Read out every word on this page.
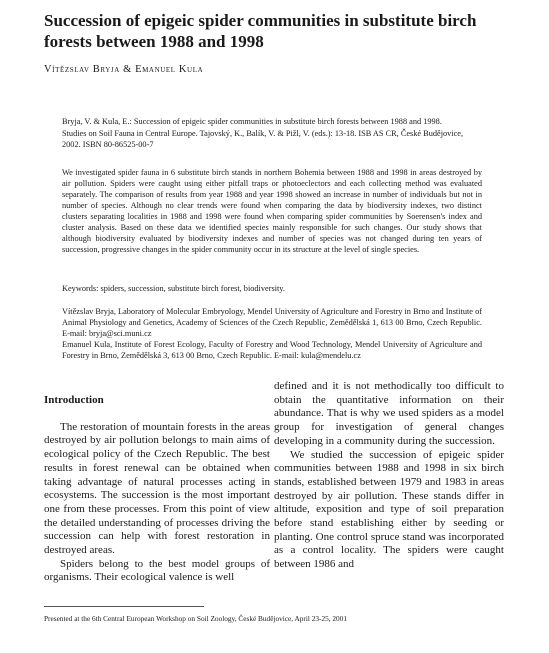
Succession of epigeic spider communities in substitute birch forests between 1988 and 1998
Vítězslav Bryja & Emanuel Kula

Bryja, V. & Kula, E.: Succession of epigeic spider communities in substitute birch forests between 1988 and 1998.

Studies on Soil Fauna in Central Europe. Tajovský, K., Balík, V. & Pižl, V. (eds.): 13-18. ISB AS CR, České Budějovice, 2002. ISBN 80-86525-00-7

We investigated spider fauna in 6 substitute birch stands in northern Bohemia between 1988 and 1998 in areas destroyed by air pollution. Spiders were caught using either pitfall traps or photoeclectors and each collecting method was evaluated separately. The comparison of results from year 1988 and year 1998 showed an increase in number of individuals but not in number of species. Although no clear trends were found when comparing the data by biodiversity indexes, two distinct clusters separating localities in 1988 and 1998 were found when comparing spider communities by Soerensen's index and cluster analysis. Based on these data we identified species mainly responsible for such changes. Our study shows that although biodiversity evaluated by biodiversity indexes and number of species was not changed during ten years of succession, progressive changes in the spider community occur in its structure at the level of single species.

Keywords: spiders, succession, substitute birch forest, biodiversity.

Vítězslav Bryja, Laboratory of Molecular Embryology, Mendel University of Agriculture and Forestry in Brno and Institute of Animal Physiology and Genetics, Academy of Sciences of the Czech Republic, Zemědělská 1, 613 00 Brno, Czech Republic. E-mail: bryja@sci.muni.cz

Emanuel Kula, Institute of Forest Ecology, Faculty of Forestry and Wood Technology, Mendel University of Agriculture and Forestry in Brno, Zemědělská 3, 613 00 Brno, Czech Republic. E-mail: kula@mendelu.cz

Introduction

The restoration of mountain forests in the areas destroyed by air pollution belongs to main aims of ecological policy of the Czech Republic. The best results in forest renewal can be obtained when taking advantage of natural processes acting in ecosystems. The succession is the most important one from these processes. From this point of view the detailed understanding of processes driving the succession can help with forest restoration in destroyed areas.

Spiders belong to the best model groups of organisms. Their ecological valence is well

defined and it is not methodically too difficult to obtain the quantitative information on their abundance. That is why we used spiders as a model group for investigation of general changes developing in a community during the succession.

We studied the succession of epigeic spider communities between 1988 and 1998 in six birch stands, established between 1979 and 1983 in areas destroyed by air pollution. These stands differ in altitude, exposition and type of soil preparation before stand establishing either by seeding or planting. One control spruce stand was incorporated as a control locality. The spiders were caught between 1986 and

Presented at the 6th Central European Workshop on Soil Zoology, České Budějovice, April 23-25, 2001
